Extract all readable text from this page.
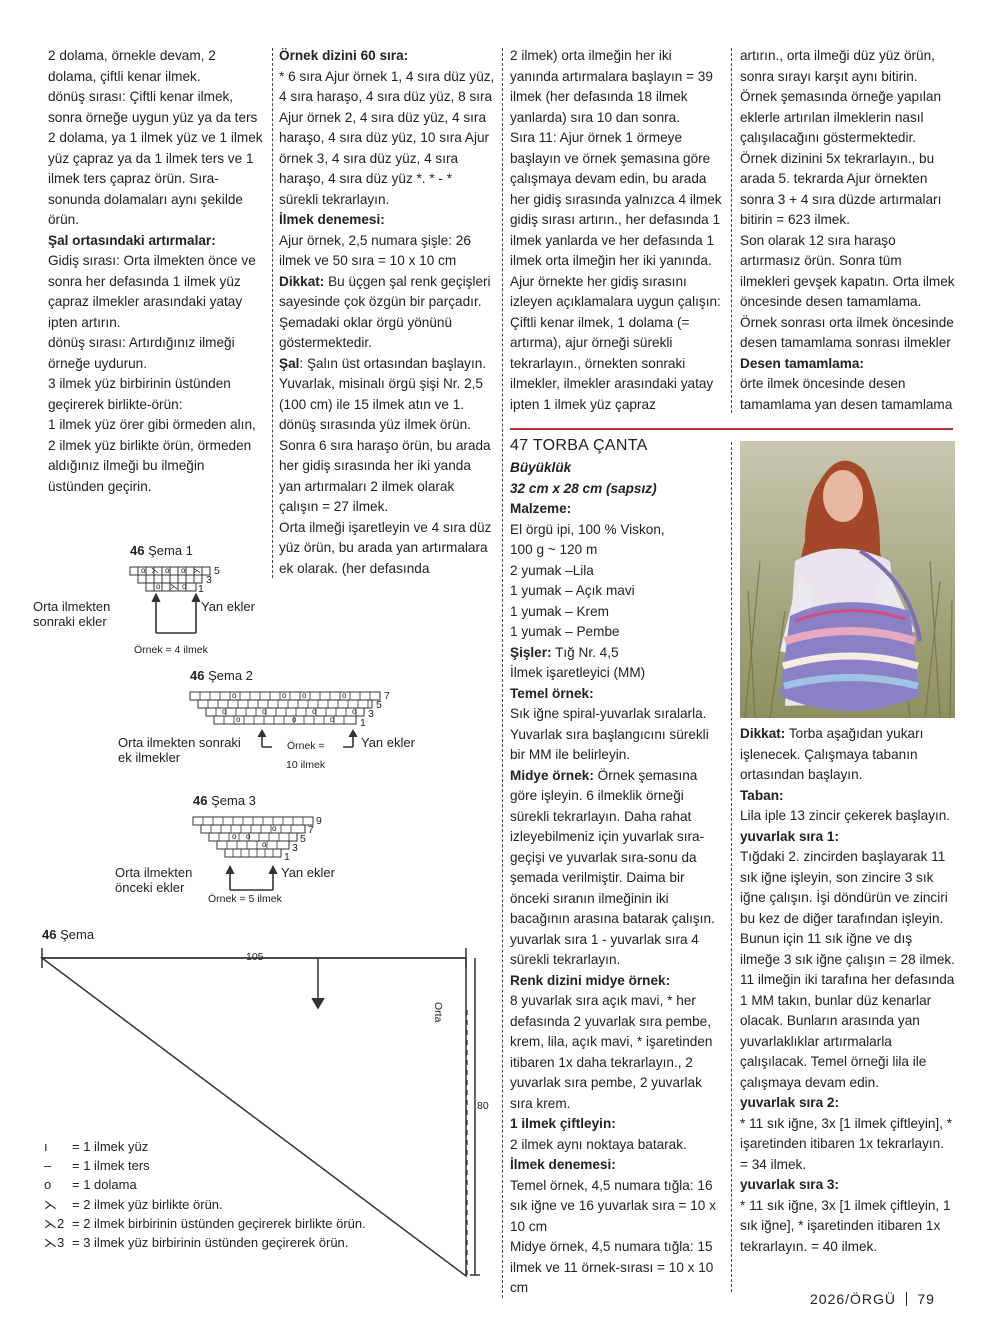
2 dolama, örnekle devam, 2 dolama, çiftli kenar ilmek.

dönüş sırası: Çiftli kenar ilmek, sonra örneğe uygun yüz ya da ters 2 dolama, ya 1 ilmek yüz ve 1 ilmek yüz çapraz ya da 1 ilmek ters ve 1 ilmek ters çapraz örün. Sıra-sonunda dolamaları aynı şekilde örün.

Şal ortasındaki artırmalar:

Gidiş sırası: Orta ilmekten önce ve sonra her defasında 1 ilmek yüz çapraz ilmekler arasındaki yatay ipten artırın.

dönüş sırası: Artırdığınız ilmeği örneğe uydurun.

3 ilmek yüz birbirinin üstünden geçirerek birlikte-örün:

1 ilmek yüz örer gibi örmeden alın, 2 ilmek yüz birlikte örün, örmeden aldığınız ilmeği bu ilmeğin üstünden geçirin.

Örnek dizini 60 sıra:

* 6 sıra Ajur örnek 1, 4 sıra düz yüz, 4 sıra haraşo, 4 sıra düz yüz, 8 sıra Ajur örnek 2, 4 sıra düz yüz, 4 sıra haraşo, 4 sıra düz yüz, 10 sıra Ajur örnek 3, 4 sıra düz yüz, 4 sıra haraşo, 4 sıra düz yüz *. * - * sürekli tekrarlayın.

İlmek denemesi:

Ajur örnek, 2,5 numara şişle: 26 ilmek ve 50 sıra = 10 x 10 cm

Dikkat: Bu üçgen şal renk geçişleri sayesinde çok özgün bir parçadır. Şemadaki oklar örgü yönünü göstermektedir.

Şal: Şalın üst ortasından başlayın. Yuvarlak, misinalı örgü şişi Nr. 2,5 (100 cm) ile 15 ilmek atın ve 1. dönüş sırasında yüz ilmek örün. Sonra 6 sıra haraşo örün, bu arada her gidiş sırasında her iki yanda yan artırmaları 2 ilmek olarak çalışın = 27 ilmek.

Orta ilmeği işaretleyin ve 4 sıra düz yüz örün, bu arada yan artırmalara ek olarak. (her defasında

2 ilmek) orta ilmeğin her iki yanında artırmalara başlayın = 39 ilmek (her defasında 18 ilmek yanlarda) sıra 10 dan sonra.

Sıra 11: Ajur örnek 1 örmeye başlayın ve örnek şemasına göre çalışmaya devam edin, bu arada her gidiş sırasında yalnızca 4 ilmek gidiş sırası artırın., her defasında 1 ilmek yanlarda ve her defasında 1 ilmek orta ilmeğin her iki yanında. Ajur örnekte her gidiş sırasını izleyen açıklamalara uygun çalışın: Çiftli kenar ilmek, 1 dolama (= artırma), ajur örneği sürekli tekrarlayın., örnekten sonraki ilmekler, ilmekler arasındaki yatay ipten 1 ilmek yüz çapraz

artırın., orta ilmeği düz yüz örün, sonra sırayı karşıt aynı bitirin. Örnek şemasında örneğe yapılan eklerle artırılan ilmeklerin nasıl çalışılacağını göstermektedir.

Örnek dizinini 5x tekrarlayın., bu arada 5. tekrarda Ajur örnekten sonra 3 + 4 sıra düzde artırmaları bitirin = 623 ilmek.

Son olarak 12 sıra haraşo artırmasız örün. Sonra tüm ilmekleri gevşek kapatın. Orta ilmek öncesinde desen tamamlama. Örnek sonrası orta ilmek öncesinde desen tamamlama sonrası ilmekler

Desen tamamlama:

örte ilmek öncesinde desen tamamlama yan desen tamamlama

47 TORBA ÇANTA

Büyüklük

32 cm x 28 cm (sapsız)

Malzeme:

El örgü ipi, 100 % Viskon,

100 g ~ 120 m

2 yumak –Lila

1 yumak – Açık mavi

1 yumak – Krem

1 yumak – Pembe

Şişler: Tığ Nr. 4,5

İlmek işaretleyici (MM)

Temel örnek:

Sık iğne spiral-yuvarlak sıralarla. Yuvarlak sıra başlangıcını sürekli bir MM ile belirleyin.

Midye örnek: Örnek şemasına göre işleyin. 6 ilmeklik örneği sürekli tekrarlayın. Daha rahat izleyebilmeniz için yuvarlak sıra-geçişi ve yuvarlak sıra-sonu da şemada verilmiştir. Daima bir önceki sıranın ilmeğinin iki bacağının arasına batarak çalışın. yuvarlak sıra 1 - yuvarlak sıra 4 sürekli tekrarlayın.

Renk dizini midye örnek:

8 yuvarlak sıra açık mavi, * her defasında 2 yuvarlak sıra pembe, krem, lila, açık mavi, * işaretinden itibaren 1x daha tekrarlayın., 2 yuvarlak sıra pembe, 2 yuvarlak sıra krem.

1 ilmek çiftleyin:

2 ilmek aynı noktaya batarak.

İlmek denemesi:

Temel örnek, 4,5 numara tığla: 16 sık iğne ve 16 yuvarlak sıra = 10 x 10 cm

Midye örnek, 4,5 numara tığla: 15 ilmek ve 11 örnek-sırası = 10 x 10 cm

Dikkat: Torba aşağıdan yukarı işlenecek. Çalışmaya tabanın ortasından başlayın.

Taban:

Lila iple 13 zincir çekerek başlayın.

yuvarlak sıra 1:

Tığdaki 2. zincirden başlayarak 11 sık iğne işleyin, son zincire 3 sık iğne çalışın. İşi döndürün ve zinciri bu kez de diğer tarafından işleyin. Bunun için 11 sık iğne ve dış ilmeğe 3 sık iğne çalışın = 28 ilmek. 11 ilmeğin iki tarafına her defasında 1 MM takın, bunlar düz kenarlar olacak. Bunların arasında yan yuvarlaklıklar artırmalarla çalışılacak. Temel örneği lila ile çalışmaya devam edin.

yuvarlak sıra 2:

* 11 sık iğne, 3x [1 ilmek çiftleyin], * işaretinden itibaren 1x tekrarlayın. = 34 ilmek.

yuvarlak sıra 3:

* 11 sık iğne, 3x [1 ilmek çiftleyin, 1 sık iğne], * işaretinden itibaren 1x tekrarlayın. = 40 ilmek.

46 Şema 1
46 Şema 2
46 Şema 3
46 Şema
o ⋋ o o ⋋
o ⋋ o
o	o o	o
o	o	o	o
o	o	o
o o
o
o
5
3
1
7
5
3
1
9
7
5
3
1
Orta ilmekten
sonraki ekler
Yan ekler
Örnek = 4 ilmek
Orta ilmekten sonraki
ek ilmekler
Yan ekler
Örnek =
10 ilmek
Orta ilmekten
önceki ekler
Yan ekler
Örnek = 5 ilmek
105
80
Orta
ı = 1 ilmek yüz
– = 1 ilmek ters
o = 1 dolama
⋋ = 2 ilmek yüz birlikte örün.
⋋2 = 2 ilmek birbirinin üstünden geçirerek birlikte örün.
⋋3 = 3 ilmek yüz birbirinin üstünden geçirerek örün.
2026/ÖRGÜ 79
